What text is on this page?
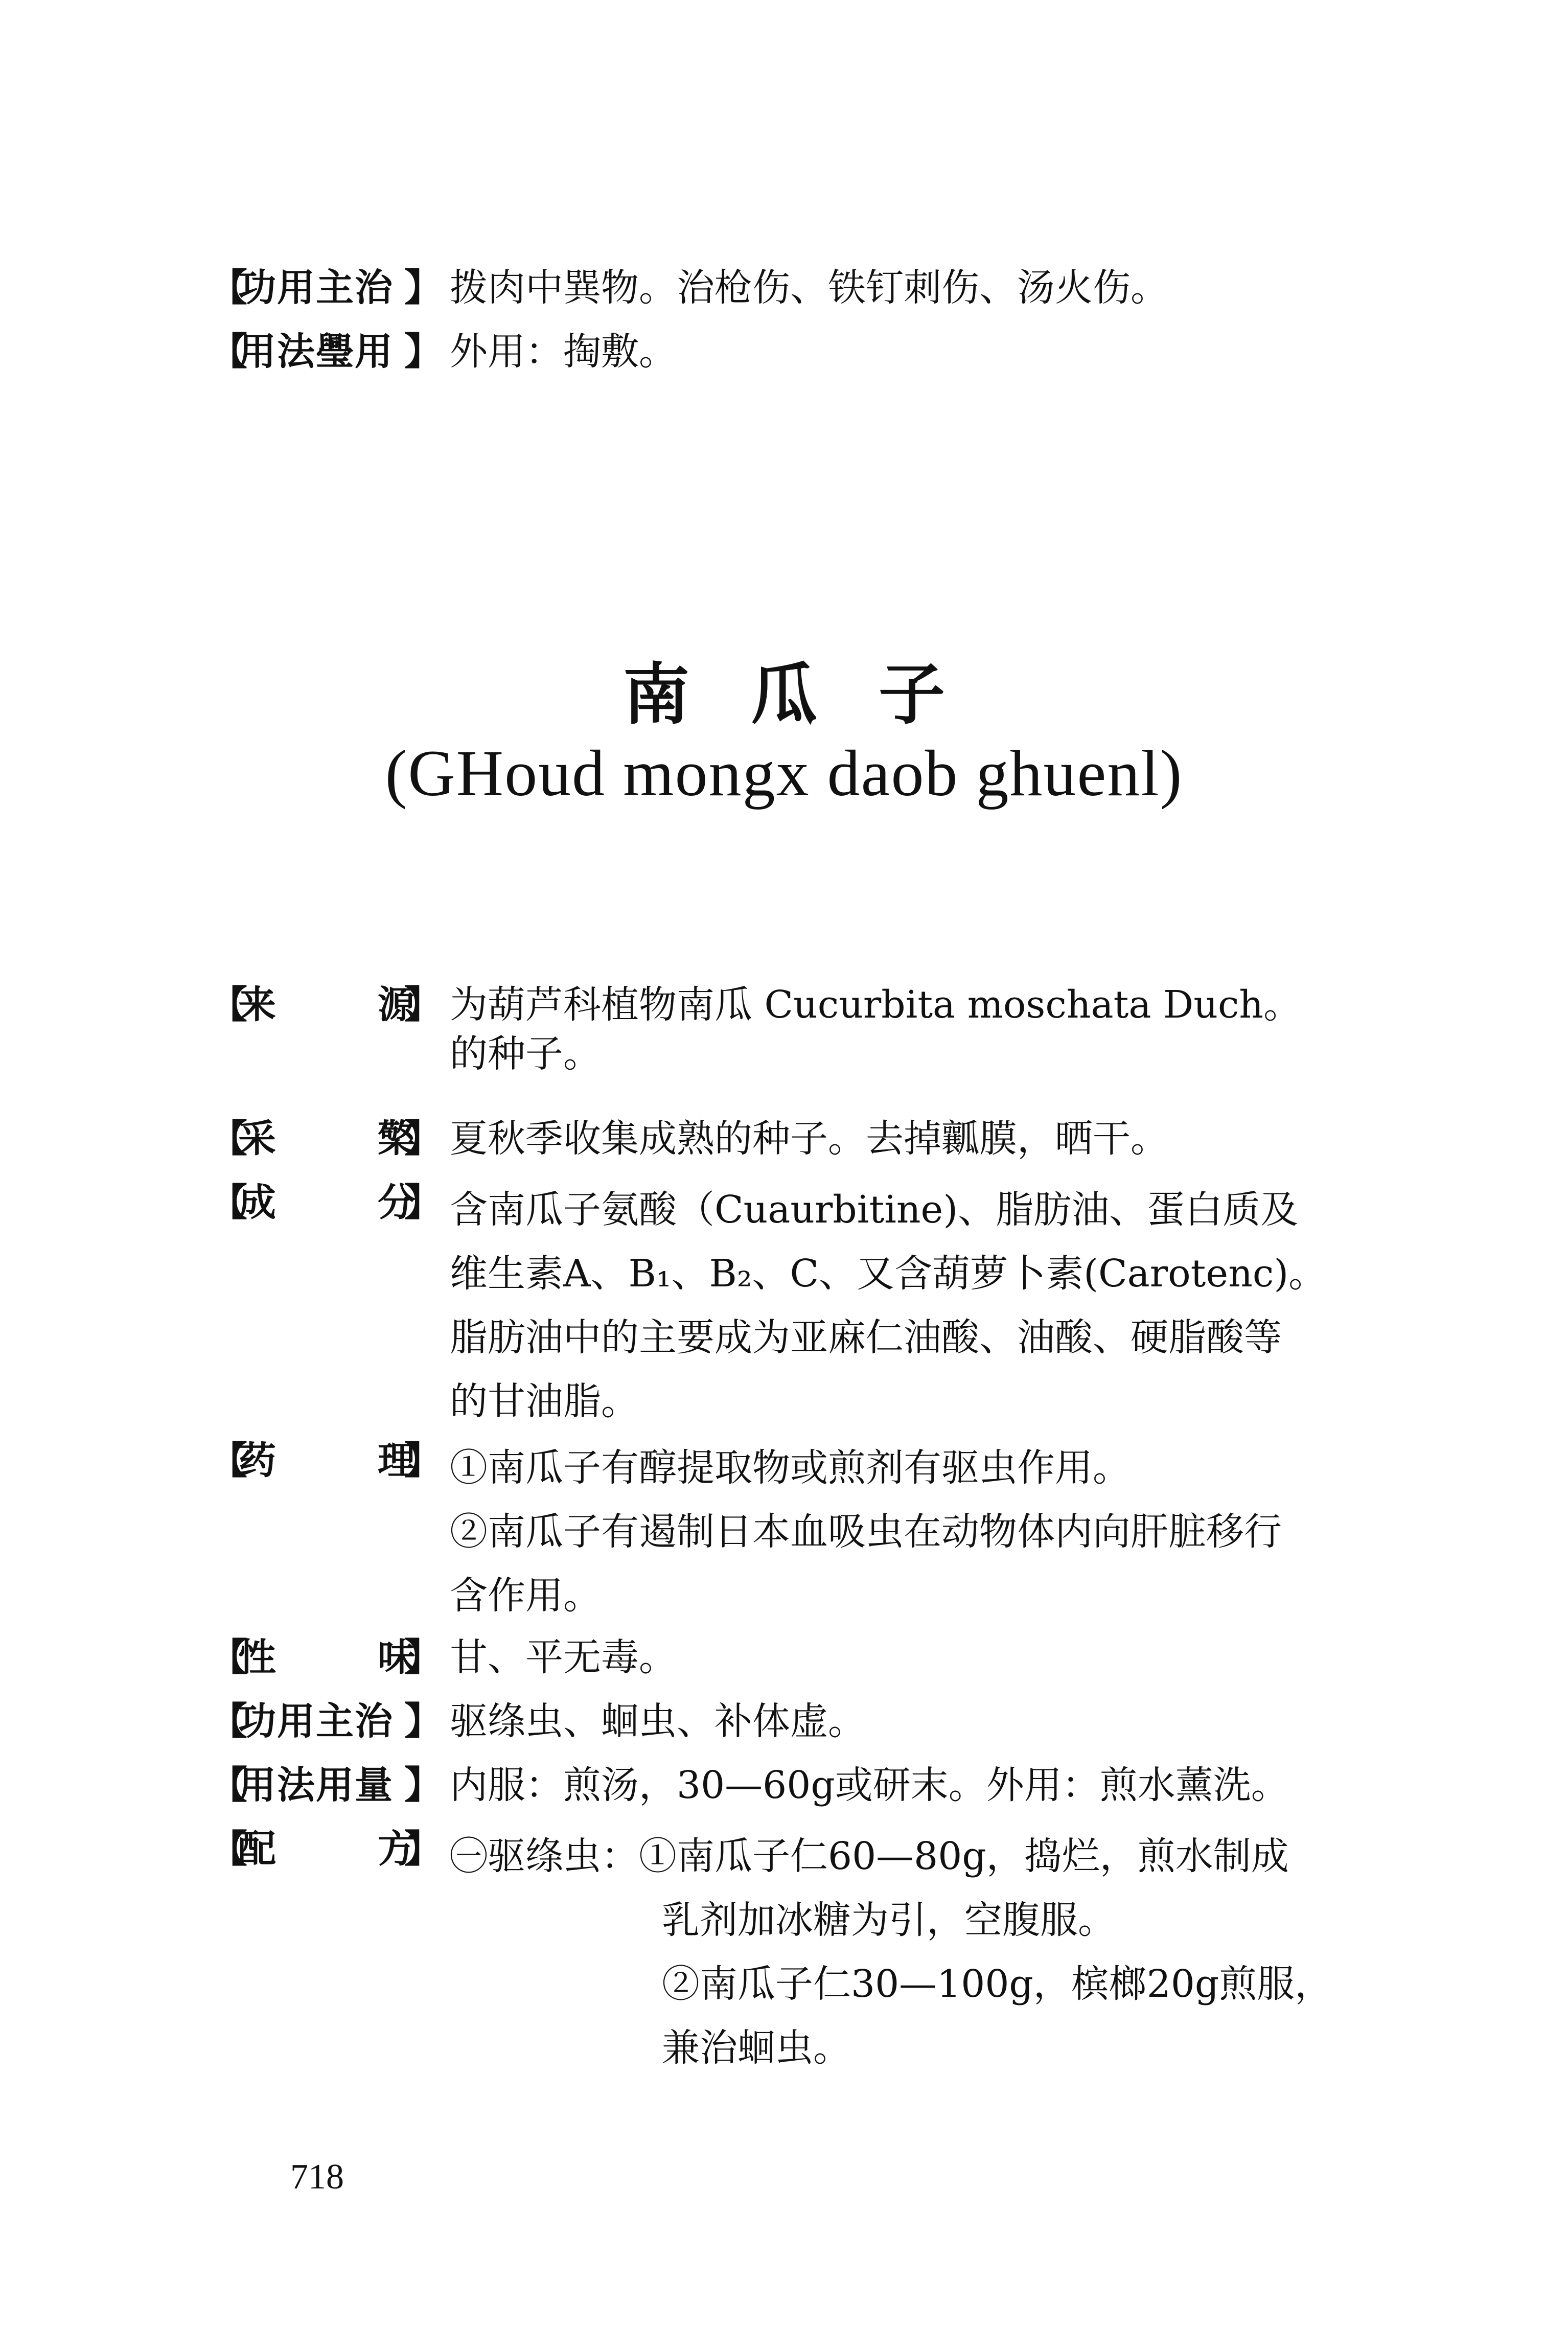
【
功用主治 】 拨肉中巽物。治枪伤、铁钉刺伤、汤火伤。
【
用法璺用 】 外用：掏敷。
南瓜子
(GHoud mongx daob ghuenl)
【
来	源
】 为葫芦科植物南瓜 Cucurbita moschata Duch。
的种子。
【
采	檠
】 夏秋季收集成熟的种子。去掉瓤膜，晒干。
【
成	分
】 含南瓜子氨酸（Cuaurbitine)、脂肪油、蛋白质及
维生素A、B₁、B₂、C、又含葫萝卜素(Carotenc)。
脂肪油中的主要成为亚麻仁油酸、油酸、硬脂酸等
的甘油脂。
【
药	理
】 ①南瓜子有醇提取物或煎剂有驱虫作用。
②南瓜子有遏制日本血吸虫在动物体内向肝脏移行
含作用。
【
性	味
】 甘、平无毒。
【
功用主治 】 驱绦虫、蛔虫、补体虚。
【
用法用量 】 内服：煎汤，30—60g或研末。外用：煎水薰洗。
【
配	方
】 ㊀驱绦虫：①南瓜子仁60—80g，捣烂，煎水制成
乳剂加冰糖为引，空腹服。
②南瓜子仁30—100g，槟榔20g煎服，
兼治蛔虫。
718
